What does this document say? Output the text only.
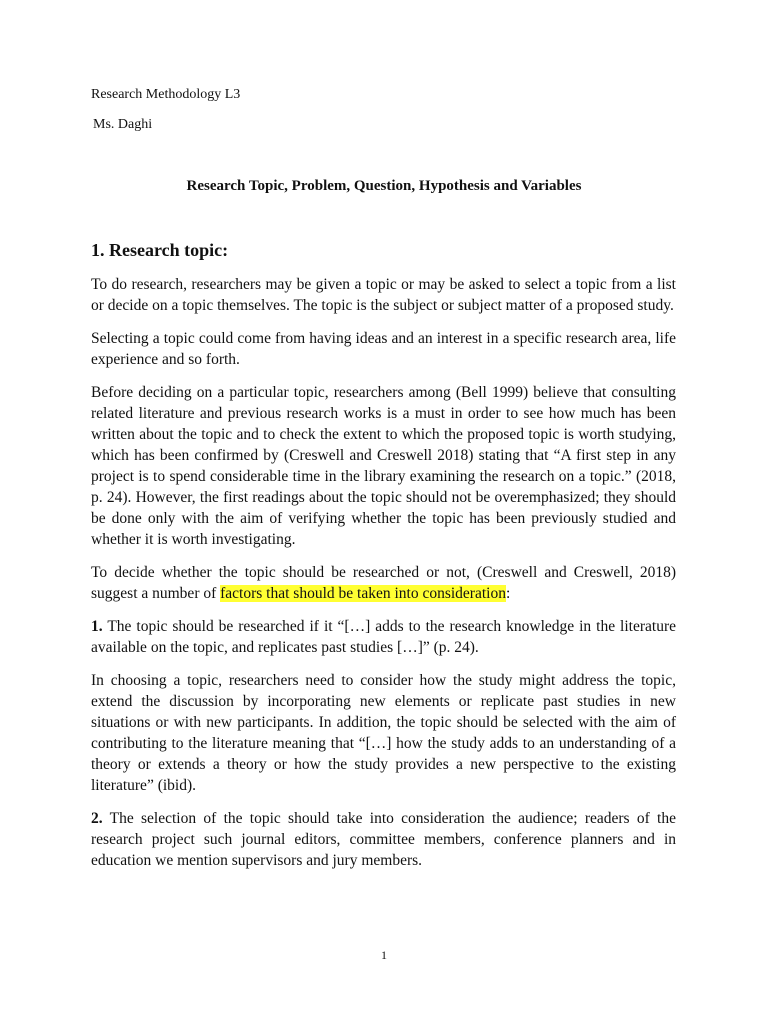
Research Methodology L3
Ms. Daghi
Research Topic, Problem, Question, Hypothesis and Variables
1. Research topic:

To do research, researchers may be given a topic or may be asked to select a topic from a list or decide on a topic themselves. The topic is the subject or subject matter of a proposed study.

Selecting a topic could come from having ideas and an interest in a specific research area, life experience and so forth.

Before deciding on a particular topic, researchers among (Bell 1999) believe that consulting related literature and previous research works is a must in order to see how much has been written about the topic and to check the extent to which the proposed topic is worth studying, which has been confirmed by (Creswell and Creswell 2018) stating that “A first step in any project is to spend considerable time in the library examining the research on a topic.” (2018, p. 24). However, the first readings about the topic should not be overemphasized; they should be done only with the aim of verifying whether the topic has been previously studied and whether it is worth investigating.

To decide whether the topic should be researched or not, (Creswell and Creswell, 2018) suggest a number of factors that should be taken into consideration:

1. The topic should be researched if it “[…] adds to the research knowledge in the literature available on the topic, and replicates past studies […]” (p. 24).

In choosing a topic, researchers need to consider how the study might address the topic, extend the discussion by incorporating new elements or replicate past studies in new situations or with new participants. In addition, the topic should be selected with the aim of contributing to the literature meaning that “[…] how the study adds to an understanding of a theory or extends a theory or how the study provides a new perspective to the existing literature” (ibid).

2. The selection of the topic should take into consideration the audience; readers of the research project such journal editors, committee members, conference planners and in education we mention supervisors and jury members.

1
